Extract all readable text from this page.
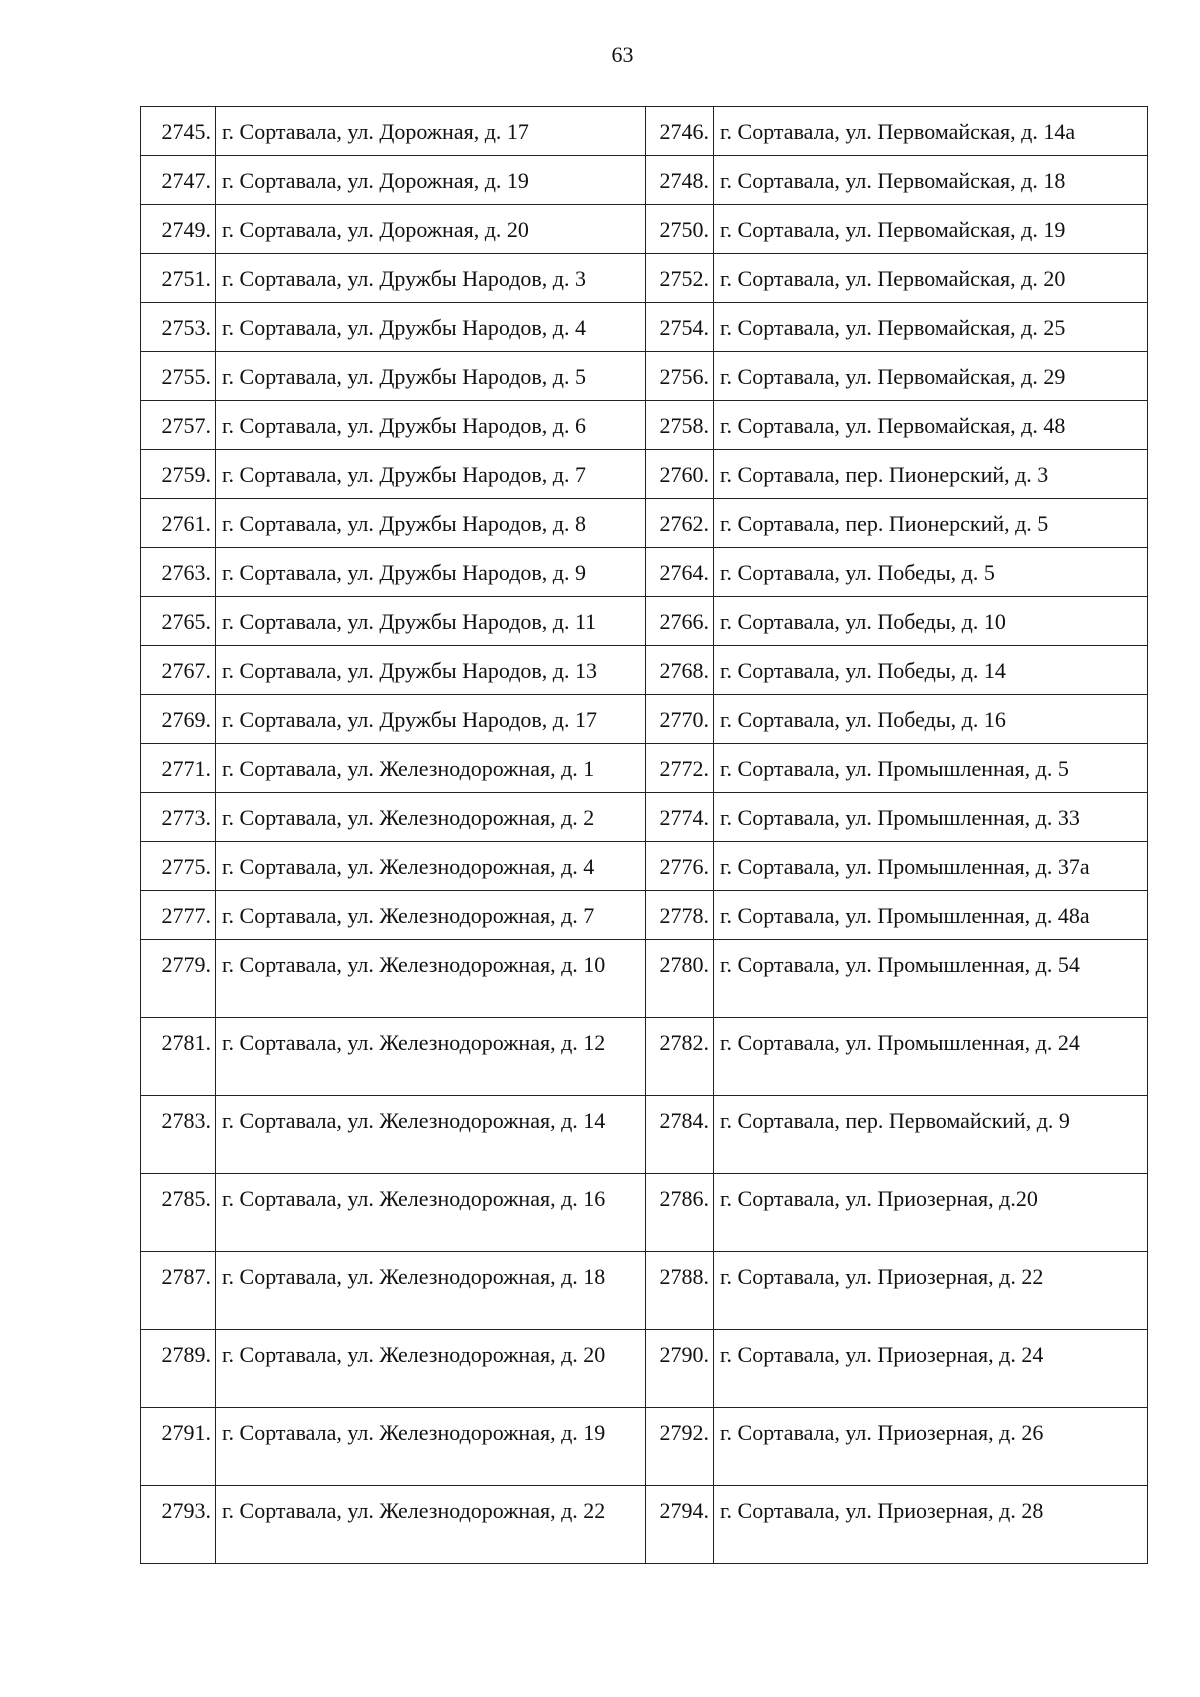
63
2745.	г. Сортавала, ул. Дорожная, д. 17	2746.	г. Сортавала, ул. Первомайская, д. 14а
2747.	г. Сортавала, ул. Дорожная, д. 19	2748.	г. Сортавала, ул. Первомайская, д. 18
2749.	г. Сортавала, ул. Дорожная, д. 20	2750.	г. Сортавала, ул. Первомайская, д. 19
2751.	г. Сортавала, ул. Дружбы Народов, д. 3	2752.	г. Сортавала, ул. Первомайская, д. 20
2753.	г. Сортавала, ул. Дружбы Народов, д. 4	2754.	г. Сортавала, ул. Первомайская, д. 25
2755.	г. Сортавала, ул. Дружбы Народов, д. 5	2756.	г. Сортавала, ул. Первомайская, д. 29
2757.	г. Сортавала, ул. Дружбы Народов, д. 6	2758.	г. Сортавала, ул. Первомайская, д. 48
2759.	г. Сортавала, ул. Дружбы Народов, д. 7	2760.	г. Сортавала, пер. Пионерский, д. 3
2761.	г. Сортавала, ул. Дружбы Народов, д. 8	2762.	г. Сортавала, пер. Пионерский, д. 5
2763.	г. Сортавала, ул. Дружбы Народов, д. 9	2764.	г. Сортавала, ул. Победы, д. 5
2765.	г. Сортавала, ул. Дружбы Народов, д. 11	2766.	г. Сортавала, ул. Победы, д. 10
2767.	г. Сортавала, ул. Дружбы Народов, д. 13	2768.	г. Сортавала, ул. Победы, д. 14
2769.	г. Сортавала, ул. Дружбы Народов, д. 17	2770.	г. Сортавала, ул. Победы, д. 16
2771.	г. Сортавала, ул. Железнодорожная, д. 1	2772.	г. Сортавала, ул. Промышленная, д. 5
2773.	г. Сортавала, ул. Железнодорожная, д. 2	2774.	г. Сортавала, ул. Промышленная, д. 33
2775.	г. Сортавала, ул. Железнодорожная, д. 4	2776.	г. Сортавала, ул. Промышленная, д. 37а
2777.	г. Сортавала, ул. Железнодорожная, д. 7	2778.	г. Сортавала, ул. Промышленная, д. 48а
2779.	г. Сортавала, ул. Железнодорожная, д. 10	2780.	г. Сортавала, ул. Промышленная, д. 54
2781.	г. Сортавала, ул. Железнодорожная, д. 12	2782.	г. Сортавала, ул. Промышленная, д. 24
2783.	г. Сортавала, ул. Железнодорожная, д. 14	2784.	г. Сортавала, пер. Первомайский, д. 9
2785.	г. Сортавала, ул. Железнодорожная, д. 16	2786.	г. Сортавала, ул. Приозерная, д.20
2787.	г. Сортавала, ул. Железнодорожная, д. 18	2788.	г. Сортавала, ул. Приозерная, д. 22
2789.	г. Сортавала, ул. Железнодорожная, д. 20	2790.	г. Сортавала, ул. Приозерная, д. 24
2791.	г. Сортавала, ул. Железнодорожная, д. 19	2792.	г. Сортавала, ул. Приозерная, д. 26
2793.	г. Сортавала, ул. Железнодорожная, д. 22	2794.	г. Сортавала, ул. Приозерная, д. 28
